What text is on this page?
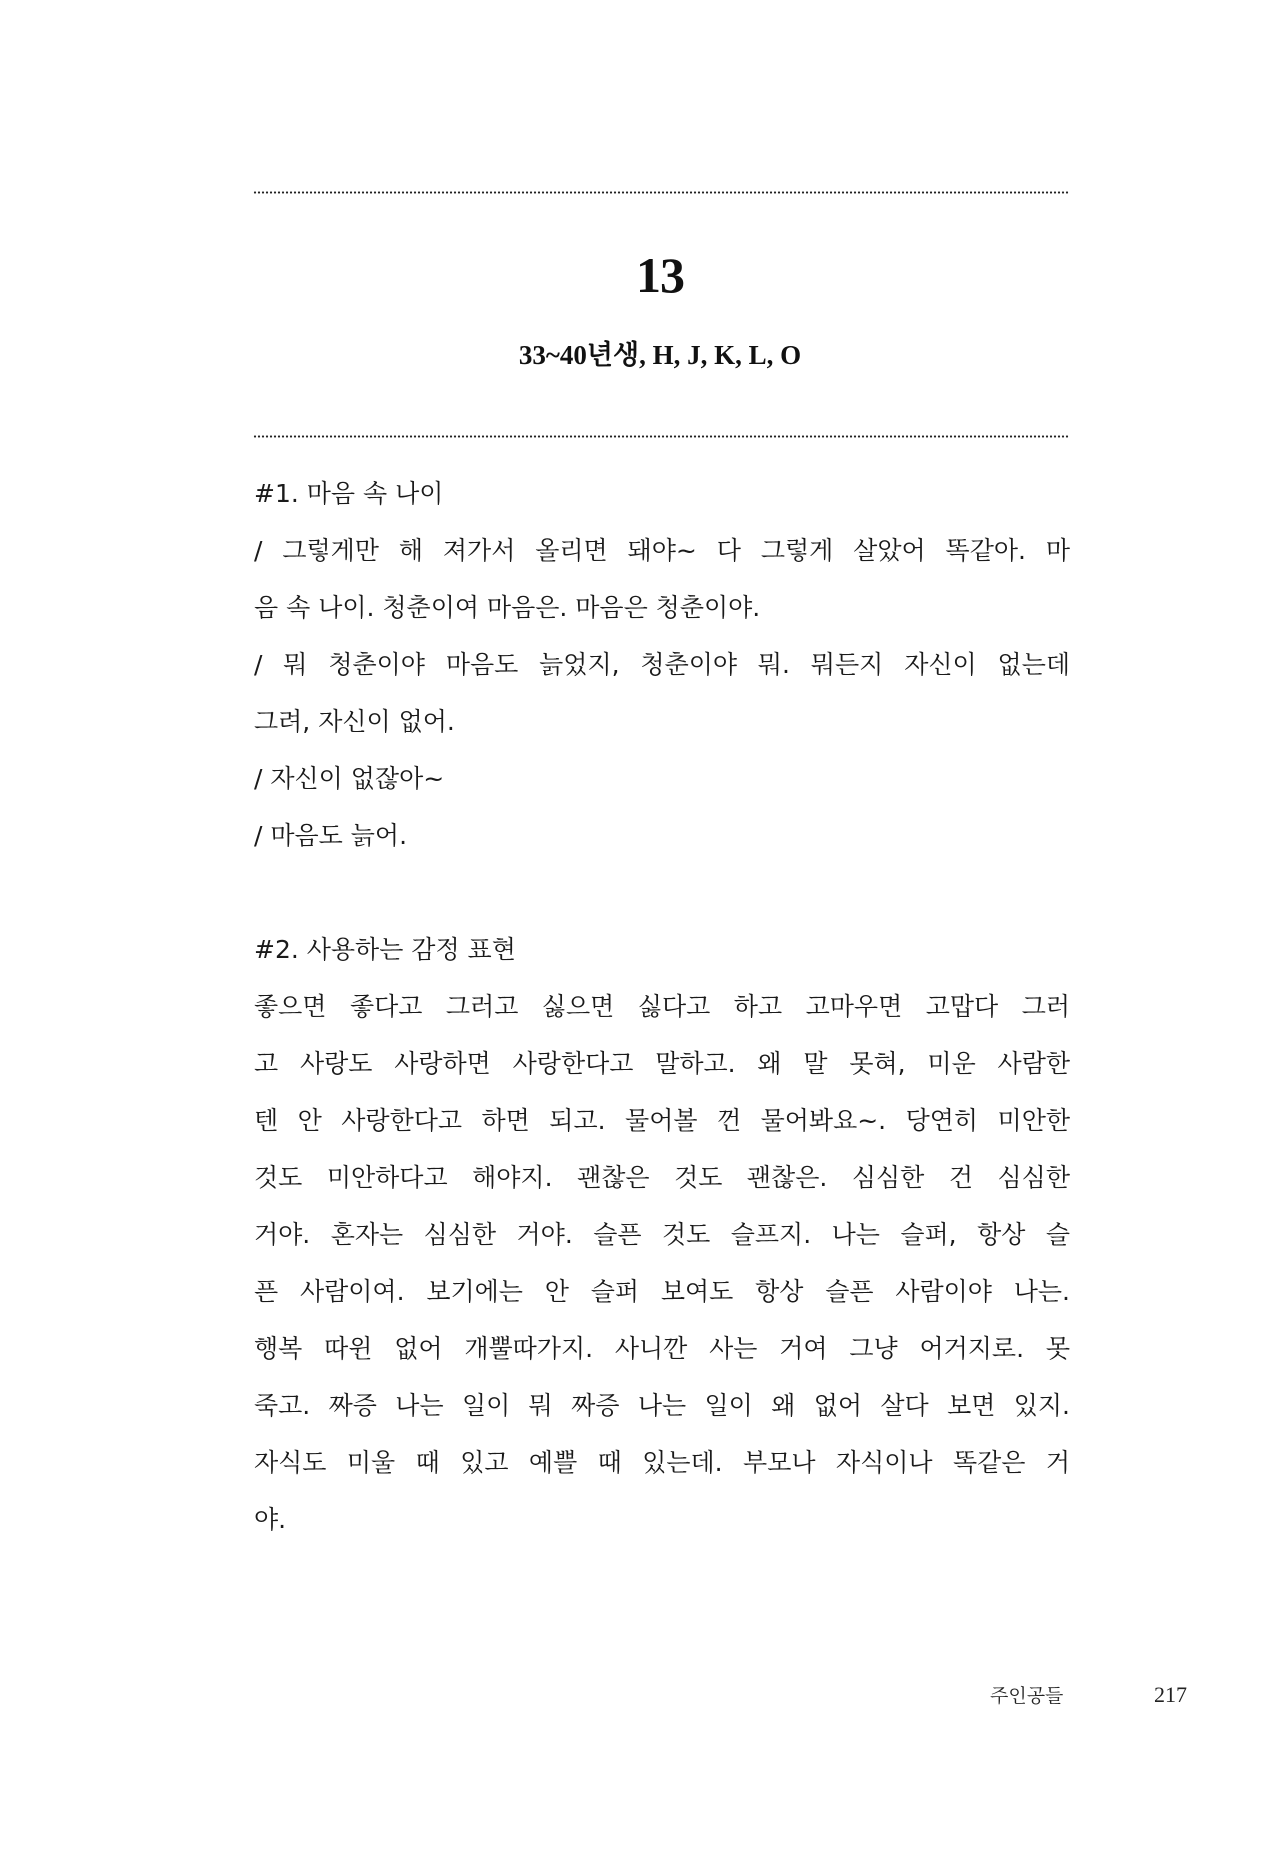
13
33~40년생, H, J, K, L, O
#1. 마음 속 나이
/ 그렇게만 해 져가서 올리면 돼야~ 다 그렇게 살았어 똑같아. 마
음 속 나이. 청춘이여 마음은. 마음은 청춘이야.
/ 뭐 청춘이야 마음도 늙었지, 청춘이야 뭐. 뭐든지 자신이 없는데
그려, 자신이 없어.
/ 자신이 없잖아~
/ 마음도 늙어.
#2. 사용하는 감정 표현
좋으면 좋다고 그러고 싫으면 싫다고 하고 고마우면 고맙다 그러
고 사랑도 사랑하면 사랑한다고 말하고. 왜 말 못혀, 미운 사람한
텐 안 사랑한다고 하면 되고. 물어볼 껀 물어봐요~. 당연히 미안한
것도 미안하다고 해야지. 괜찮은 것도 괜찮은. 심심한 건 심심한
거야. 혼자는 심심한 거야. 슬픈 것도 슬프지. 나는 슬퍼, 항상 슬
픈 사람이여. 보기에는 안 슬퍼 보여도 항상 슬픈 사람이야 나는.
행복 따윈 없어 개뿔따가지. 사니깐 사는 거여 그냥 어거지로. 못
죽고. 짜증 나는 일이 뭐 짜증 나는 일이 왜 없어 살다 보면 있지.
자식도 미울 때 있고 예쁠 때 있는데. 부모나 자식이나 똑같은 거
야.
주인공들	217
